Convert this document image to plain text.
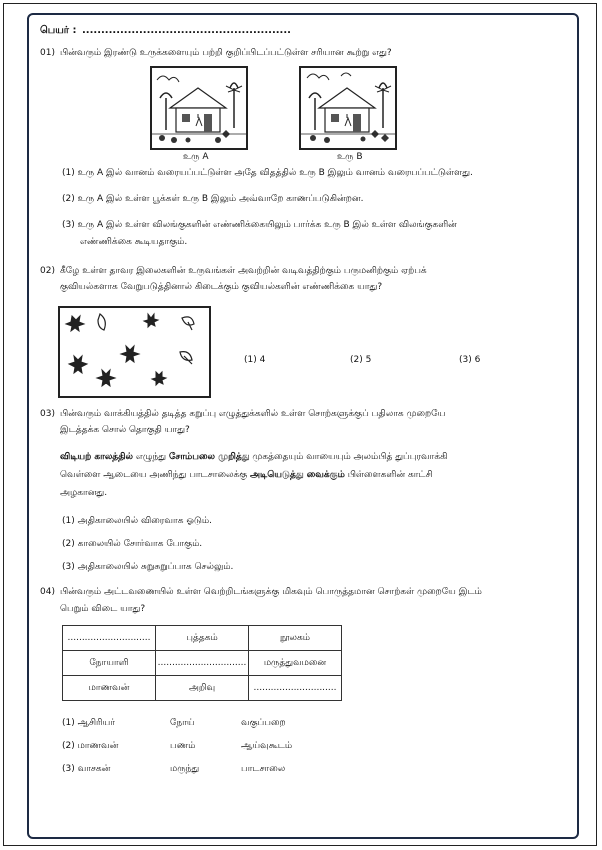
பெயர் : .......................................................
01) பின்வரும் இரண்டு உருக்களையும் பற்றி குறிப்பிடப்பட்டுள்ள சரியான கூற்று எது?
உரு A	உரு B
(1) உரு A இல் வானம் வரையப்பட்டுள்ள அதே விதத்தில் உரு B இலும் வானம் வரையப்பட்டுள்ளது.
(2) உரு A இல் உள்ள பூக்கள் உரு B இலும் அவ்வாறே காணப்படுகின்றன.
(3) உரு A இல் உள்ள விலங்குகளின் எண்ணிக்கையிலும் பார்க்க உரு B இல் உள்ள விலங்குகளின்
எண்ணிக்கை கூடியதாகும்.
02) கீழே உள்ள தாவர இலைகளின் உருவங்கள் அவற்றின் வடிவத்திற்கும் பருமனிற்கும் ஏற்பக்
குவியல்களாக வேறுபடுத்தினால் கிடைக்கும் குவியல்களின் எண்ணிக்கை யாது?
(1) 4	(2) 5	(3) 6
03) பின்வரும் வாக்கியத்தில் தடித்த கறுப்பு எழுத்துக்களில் உள்ள சொற்களுக்குப் பதிலாக முறையே
இடத்தக்க சொல் தொகுதி யாது?
விடியற் காலத்தில் எழுந்து சோம்பலை முறித்து முகத்தையும் வாயையும் அலம்பித் துப்புரவாக்கி
வெள்ளை ஆடையை அணிந்து பாடசாலைக்கு அடியெடுத்து வைக்கும் பிள்ளைகளின் காட்சி
அழகானது.
(1) அதிகாலையில் விரைவாக ஓடும்.
(2) காலையில் சோர்வாக போகும்.
(3) அதிகாலையில் சுறுசுறுப்பாக செல்லும்.
04) பின்வரும் அட்டவணையில் உள்ள வெற்றிடங்களுக்கு மிகவும் பொருத்தமான சொற்கள் முறையே இடம்
பெறும் விடை யாது?
.............................	புத்தகம்	நூலகம்
நோயாளி	...............................	மருத்துவமனை
மாணவன்	அறிவு	.............................
(1) ஆசிரியர்	நோய்	வகுப்பறை
(2) மாணவன்	பணம்	ஆய்வுகூடம்
(3) வாசகன்	மருந்து	பாடசாலை
